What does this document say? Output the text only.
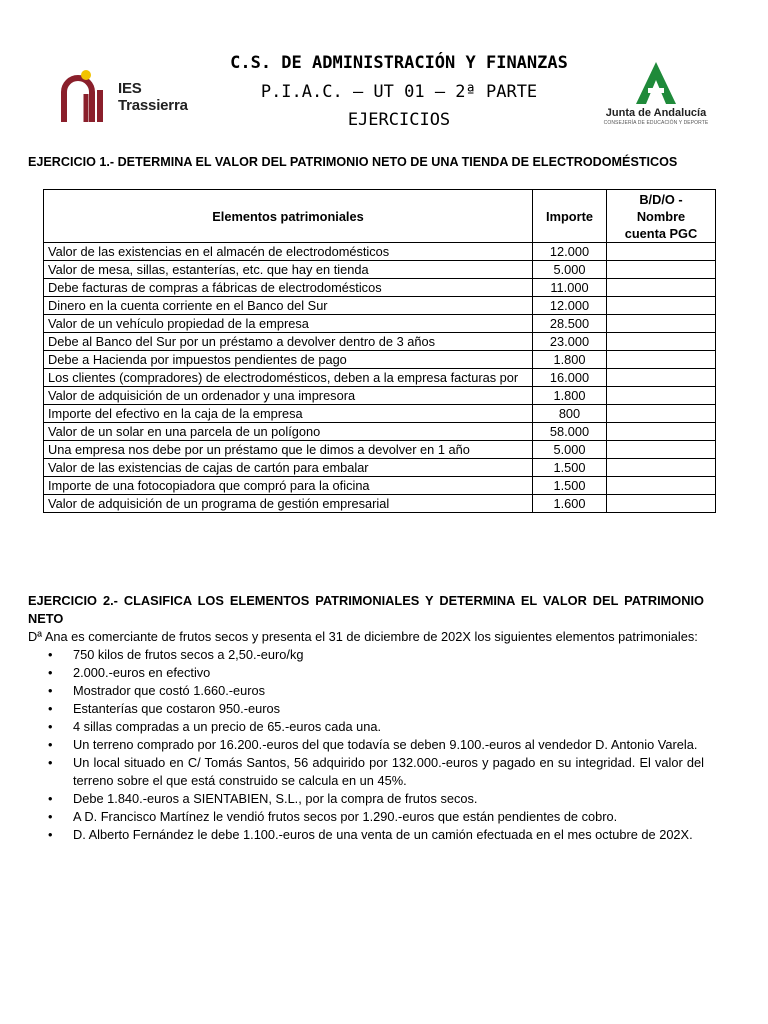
IES
Trassierra	Junta de Andalucía
CONSEJERÍA DE EDUCACIÓN Y DEPORTE
C.S. DE ADMINISTRACIÓN Y FINANZAS
P.I.A.C. – UT 01 – 2ª PARTE
EJERCICIOS
EJERCICIO 1.- DETERMINA EL VALOR DEL PATRIMONIO NETO DE UNA TIENDA DE ELECTRODOMÉSTICOS
Elementos patrimoniales	Importe	B/D/O -
Nombre
cuenta PGC

Valor de las existencias en el almacén de electrodomésticos	12.000	
Valor de mesa, sillas, estanterías, etc. que hay en tienda	5.000	
Debe facturas de compras a fábricas de electrodomésticos	11.000	
Dinero en la cuenta corriente en el Banco del Sur	12.000	
Valor de un vehículo propiedad de la empresa	28.500	
Debe al Banco del Sur por un préstamo a devolver dentro de 3 años	23.000	
Debe a Hacienda por impuestos pendientes de pago	1.800	
Los clientes (compradores) de electrodomésticos, deben a la empresa facturas por	16.000	
Valor de adquisición de un ordenador y una impresora	1.800	
Importe del efectivo en la caja de la empresa	800	
Valor de un solar en una parcela de un polígono	58.000	
Una empresa nos debe por un préstamo que le dimos a devolver en 1 año	5.000	
Valor de las existencias de cajas de cartón para embalar	1.500	
Importe de una fotocopiadora que compró para la oficina	1.500	
Valor de adquisición de un programa de gestión empresarial	1.600	
EJERCICIO 2.- CLASIFICA LOS ELEMENTOS PATRIMONIALES Y DETERMINA EL VALOR DEL PATRIMONIO NETO
Dª Ana es comerciante de frutos secos y presenta el 31 de diciembre de 202X los siguientes elementos patrimoniales:
• 750 kilos de frutos secos a 2,50.-euro/kg
• 2.000.-euros en efectivo
• Mostrador que costó 1.660.-euros
• Estanterías que costaron 950.-euros
• 4 sillas compradas a un precio de 65.-euros cada una.
• Un terreno comprado por 16.200.-euros del que todavía se deben 9.100.-euros al vendedor D. Antonio Varela.
• Un local situado en C/ Tomás Santos, 56 adquirido por 132.000.-euros y pagado en su integridad. El valor del terreno sobre el que está construido se calcula en un 45%.
• Debe 1.840.-euros a SIENTABIEN, S.L., por la compra de frutos secos.
• A D. Francisco Martínez le vendió frutos secos por 1.290.-euros que están pendientes de cobro.
• D. Alberto Fernández le debe 1.100.-euros de una venta de un camión efectuada en el mes octubre de 202X.
